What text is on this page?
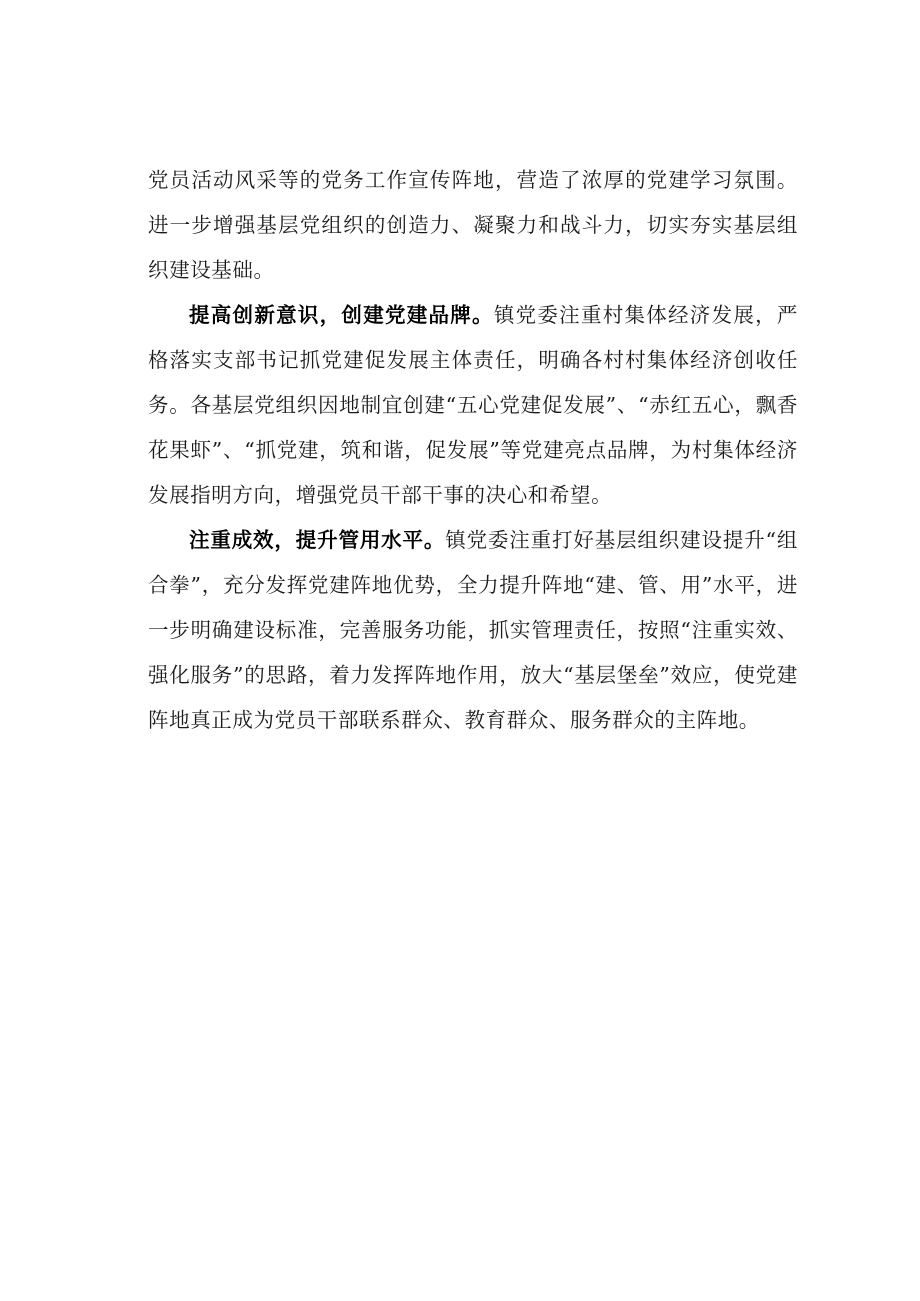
党员活动风采等的党务工作宣传阵地，营造了浓厚的党建学习氛围。进一步增强基层党组织的创造力、凝聚力和战斗力，切实夯实基层组织建设基础。

提高创新意识，创建党建品牌。镇党委注重村集体经济发展，严格落实支部书记抓党建促发展主体责任，明确各村村集体经济创收任务。各基层党组织因地制宜创建“五心党建促发展”、“赤红五心，飘香花果虾”、“抓党建，筑和谐，促发展”等党建亮点品牌，为村集体经济发展指明方向，增强党员干部干事的决心和希望。

注重成效，提升管用水平。镇党委注重打好基层组织建设提升“组合拳”，充分发挥党建阵地优势，全力提升阵地“建、管、用”水平，进一步明确建设标准，完善服务功能，抓实管理责任，按照“注重实效、强化服务”的思路，着力发挥阵地作用，放大“基层堡垒”效应，使党建阵地真正成为党员干部联系群众、教育群众、服务群众的主阵地。
